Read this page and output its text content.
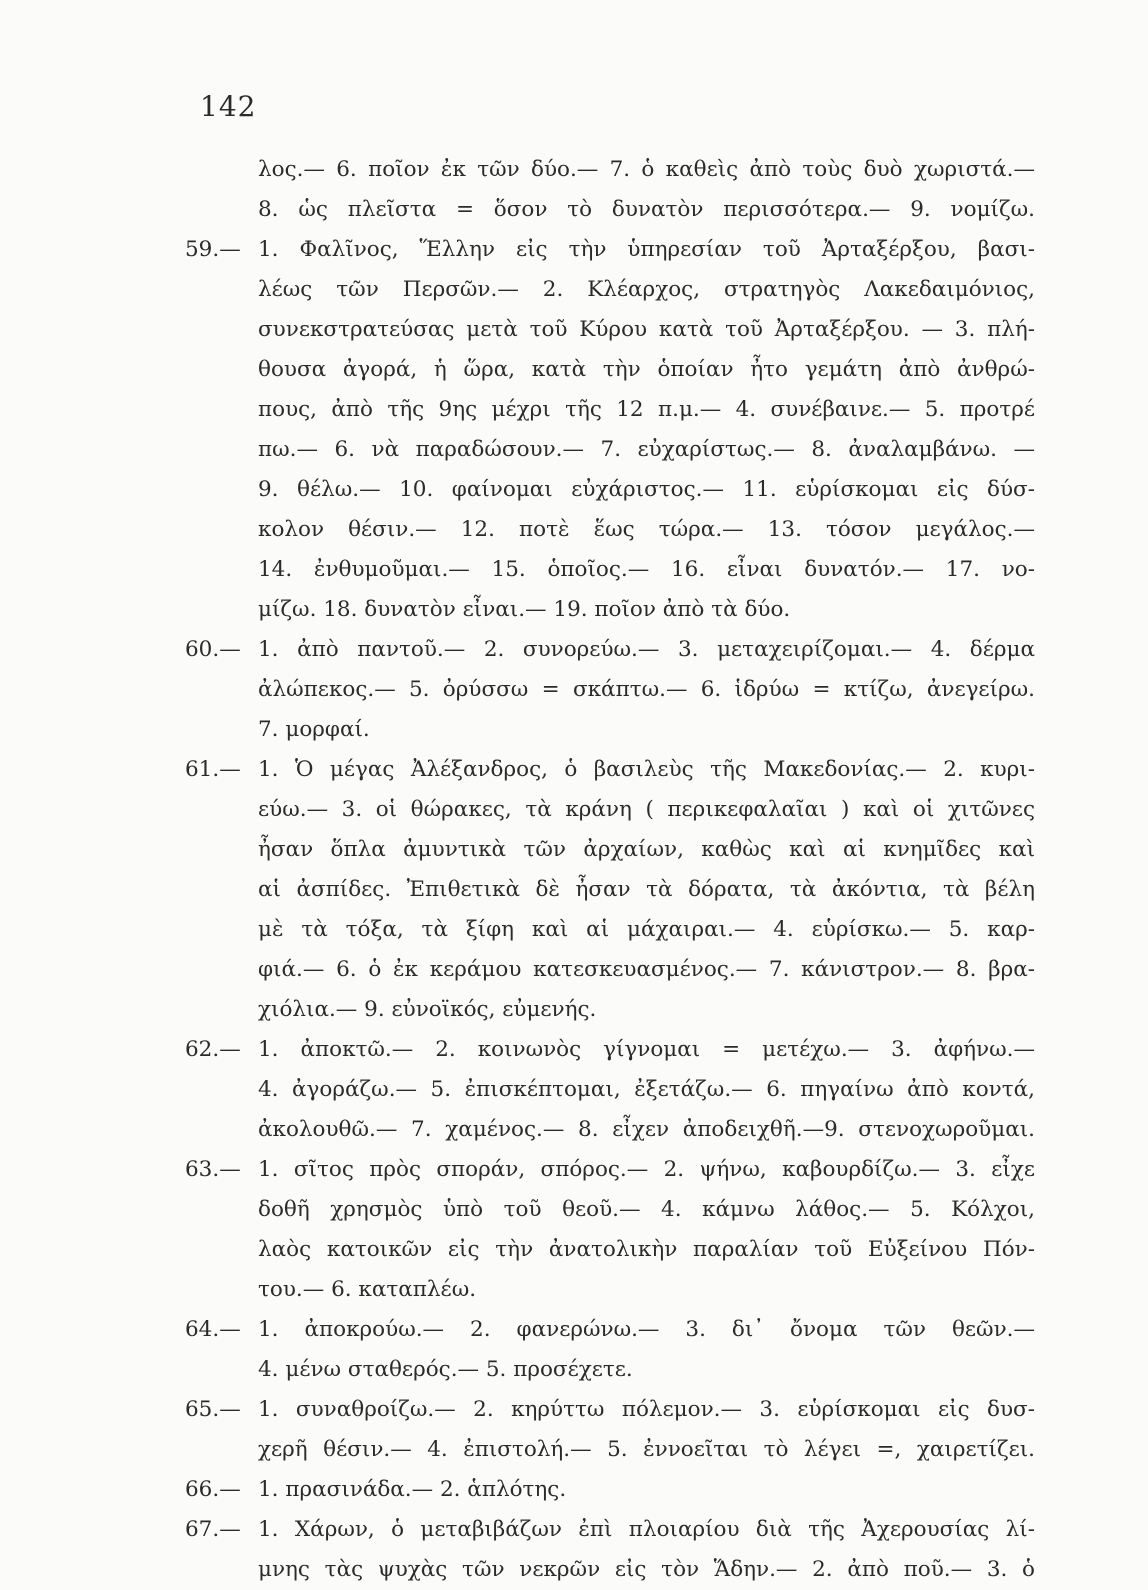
142
λος.— 6. ποῖον ἐκ τῶν δύο.— 7. ὁ καθεὶς ἀπὸ τοὺς δυὸ χωριστά.—
8. ὡς πλεῖστα = ὅσον τὸ δυνατὸν περισσότερα.— 9. νομίζω.
59.— 1. Φαλῖνος, Ἕλλην εἰς τὴν ὑπηρεσίαν τοῦ Ἀρταξέρξου, βασι-
λέως τῶν Περσῶν.— 2. Κλέαρχος, στρατηγὸς Λακεδαιμόνιος,
συνεκστρατεύσας μετὰ τοῦ Κύρου κατὰ τοῦ Ἀρταξέρξου. — 3. πλή-
θουσα ἀγορά, ἡ ὥρα, κατὰ τὴν ὁποίαν ἦτο γεμάτη ἀπὸ ἀνθρώ-
πους, ἀπὸ τῆς 9ης μέχρι τῆς 12 π.μ.— 4. συνέβαινε.— 5. προτρέ
πω.— 6. νὰ παραδώσουν.— 7. εὐχαρίστως.— 8. ἀναλαμβάνω. —
9. θέλω.— 10. φαίνομαι εὐχάριστος.— 11. εὑρίσκομαι εἰς δύσ-
κολον θέσιν.— 12. ποτὲ ἕως τώρα.— 13. τόσον μεγάλος.—
14. ἐνθυμοῦμαι.— 15. ὁποῖος.— 16. εἶναι δυνατόν.— 17. νο-
μίζω. 18. δυνατὸν εἶναι.— 19. ποῖον ἀπὸ τὰ δύο.
60.— 1. ἀπὸ παντοῦ.— 2. συνορεύω.— 3. μεταχειρίζομαι.— 4. δέρμα
ἀλώπεκος.— 5. ὀρύσσω = σκάπτω.— 6. ἱδρύω = κτίζω, ἀνεγείρω.
7. μορφαί.
61.— 1. Ὁ μέγας Ἀλέξανδρος, ὁ βασιλεὺς τῆς Μακεδονίας.— 2. κυρι-
εύω.— 3. οἱ θώρακες, τὰ κράνη ( περικεφαλαῖαι ) καὶ οἱ χιτῶνες
ἦσαν ὅπλα ἀμυντικὰ τῶν ἀρχαίων, καθὼς καὶ αἱ κνημῖδες καὶ
αἱ ἀσπίδες. Ἐπιθετικὰ δὲ ἦσαν τὰ δόρατα, τὰ ἀκόντια, τὰ βέλη
μὲ τὰ τόξα, τὰ ξίφη καὶ αἱ μάχαιραι.— 4. εὑρίσκω.— 5. καρ-
φιά.— 6. ὁ ἐκ κεράμου κατεσκευασμένος.— 7. κάνιστρον.— 8. βρα-
χιόλια.— 9. εὐνοϊκός, εὐμενής.
62.— 1. ἀποκτῶ.— 2. κοινωνὸς γίγνομαι = μετέχω.— 3. ἀφήνω.—
4. ἀγοράζω.— 5. ἐπισκέπτομαι, ἐξετάζω.— 6. πηγαίνω ἀπὸ κοντά,
ἀκολουθῶ.— 7. χαμένος.— 8. εἶχεν ἀποδειχθῆ.—9. στενοχωροῦμαι.
63.— 1. σῖτος πρὸς σποράν, σπόρος.— 2. ψήνω, καβουρδίζω.— 3. εἶχε
δοθῆ χρησμὸς ὑπὸ τοῦ θεοῦ.— 4. κάμνω λάθος.— 5. Κόλχοι,
λαὸς κατοικῶν εἰς τὴν ἀνατολικὴν παραλίαν τοῦ Εὐξείνου Πόν-
του.— 6. καταπλέω.
64.— 1. ἀποκρούω.— 2. φανερώνω.— 3. δι᾽ ὄνομα τῶν θεῶν.—
4. μένω σταθερός.— 5. προσέχετε.
65.— 1. συναθροίζω.— 2. κηρύττω πόλεμον.— 3. εὑρίσκομαι εἰς δυσ-
χερῆ θέσιν.— 4. ἐπιστολή.— 5. ἐννοεῖται τὸ λέγει =, χαιρετίζει.
66.— 1. πρασινάδα.— 2. ἁπλότης.
67.— 1. Χάρων, ὁ μεταβιβάζων ἐπὶ πλοιαρίου διὰ τῆς Ἀχερουσίας λί-
μνης τὰς ψυχὰς τῶν νεκρῶν εἰς τὸν Ἅδην.— 2. ἀπὸ ποῦ.— 3. ὁ
